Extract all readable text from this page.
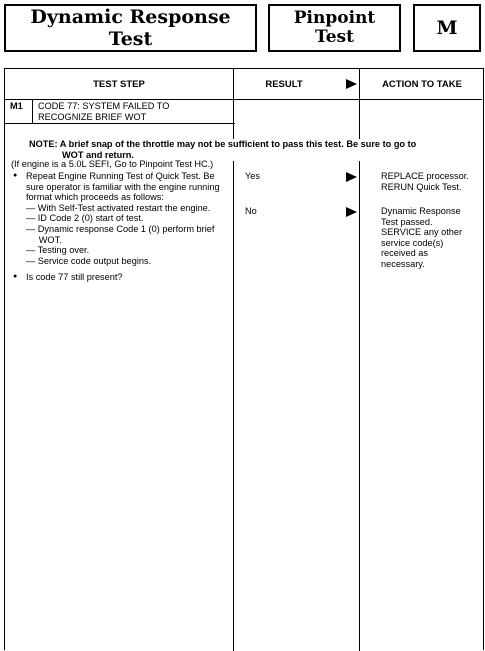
Dynamic Response Test
Pinpoint
Test	M
TEST STEP	RESULT	ACTION TO TAKE
M1 CODE 77: SYSTEM FAILED TO
RECOGNIZE BRIEF WOT
NOTE: A brief snap of the throttle may not be sufficient to pass this test. Be sure to go to
WOT and return.
(If engine is a 5.0L SEFI, Go to Pinpoint Test HC.)
● Repeat Engine Running Test of Quick Test. Be
sure operator is familiar with the engine running
format which proceeds as follows:
— With Self-Test activated restart the engine.
— ID Code 2 (0) start of test.
— Dynamic response Code 1 (0) perform brief
WOT.
— Testing over.
— Service code output begins.
● Is code 77 still present?
Yes	REPLACE processor.
RERUN Quick Test.
No	Dynamic Response
Test passed.
SERVICE any other
service code(s)
received as
necessary.
